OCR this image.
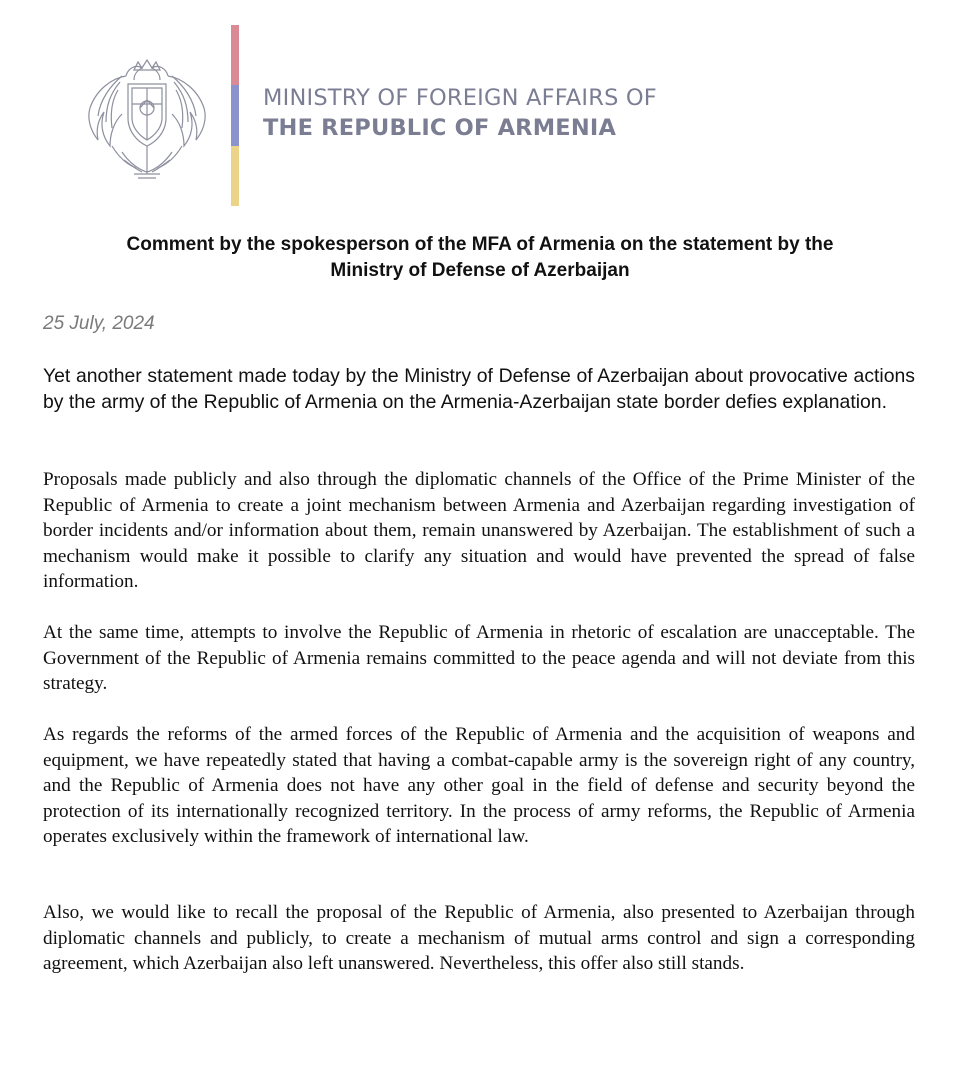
MINISTRY OF FOREIGN AFFAIRS OF
THE REPUBLIC OF ARMENIA
Comment by the spokesperson of the MFA of Armenia on the statement by the
Ministry of Defense of Azerbaijan
25 July, 2024

Yet another statement made today by the Ministry of Defense of Azerbaijan about provocative actions by the army of the Republic of Armenia on the Armenia-Azerbaijan state border defies explanation.

Proposals made publicly and also through the diplomatic channels of the Office of the Prime Minister of the Republic of Armenia to create a joint mechanism between Armenia and Azerbaijan regarding investigation of border incidents and/or information about them, remain unanswered by Azerbaijan. The establishment of such a mechanism would make it possible to clarify any situation and would have prevented the spread of false information.

At the same time, attempts to involve the Republic of Armenia in rhetoric of escalation are unacceptable. The Government of the Republic of Armenia remains committed to the peace agenda and will not deviate from this strategy.

As regards the reforms of the armed forces of the Republic of Armenia and the acquisition of weapons and equipment, we have repeatedly stated that having a combat-capable army is the sovereign right of any country, and the Republic of Armenia does not have any other goal in the field of defense and security beyond the protection of its internationally recognized territory. In the process of army reforms, the Republic of Armenia operates exclusively within the framework of international law.

Also, we would like to recall the proposal of the Republic of Armenia, also presented to Azerbaijan through diplomatic channels and publicly, to create a mechanism of mutual arms control and sign a corresponding agreement, which Azerbaijan also left unanswered. Nevertheless, this offer also still stands.
